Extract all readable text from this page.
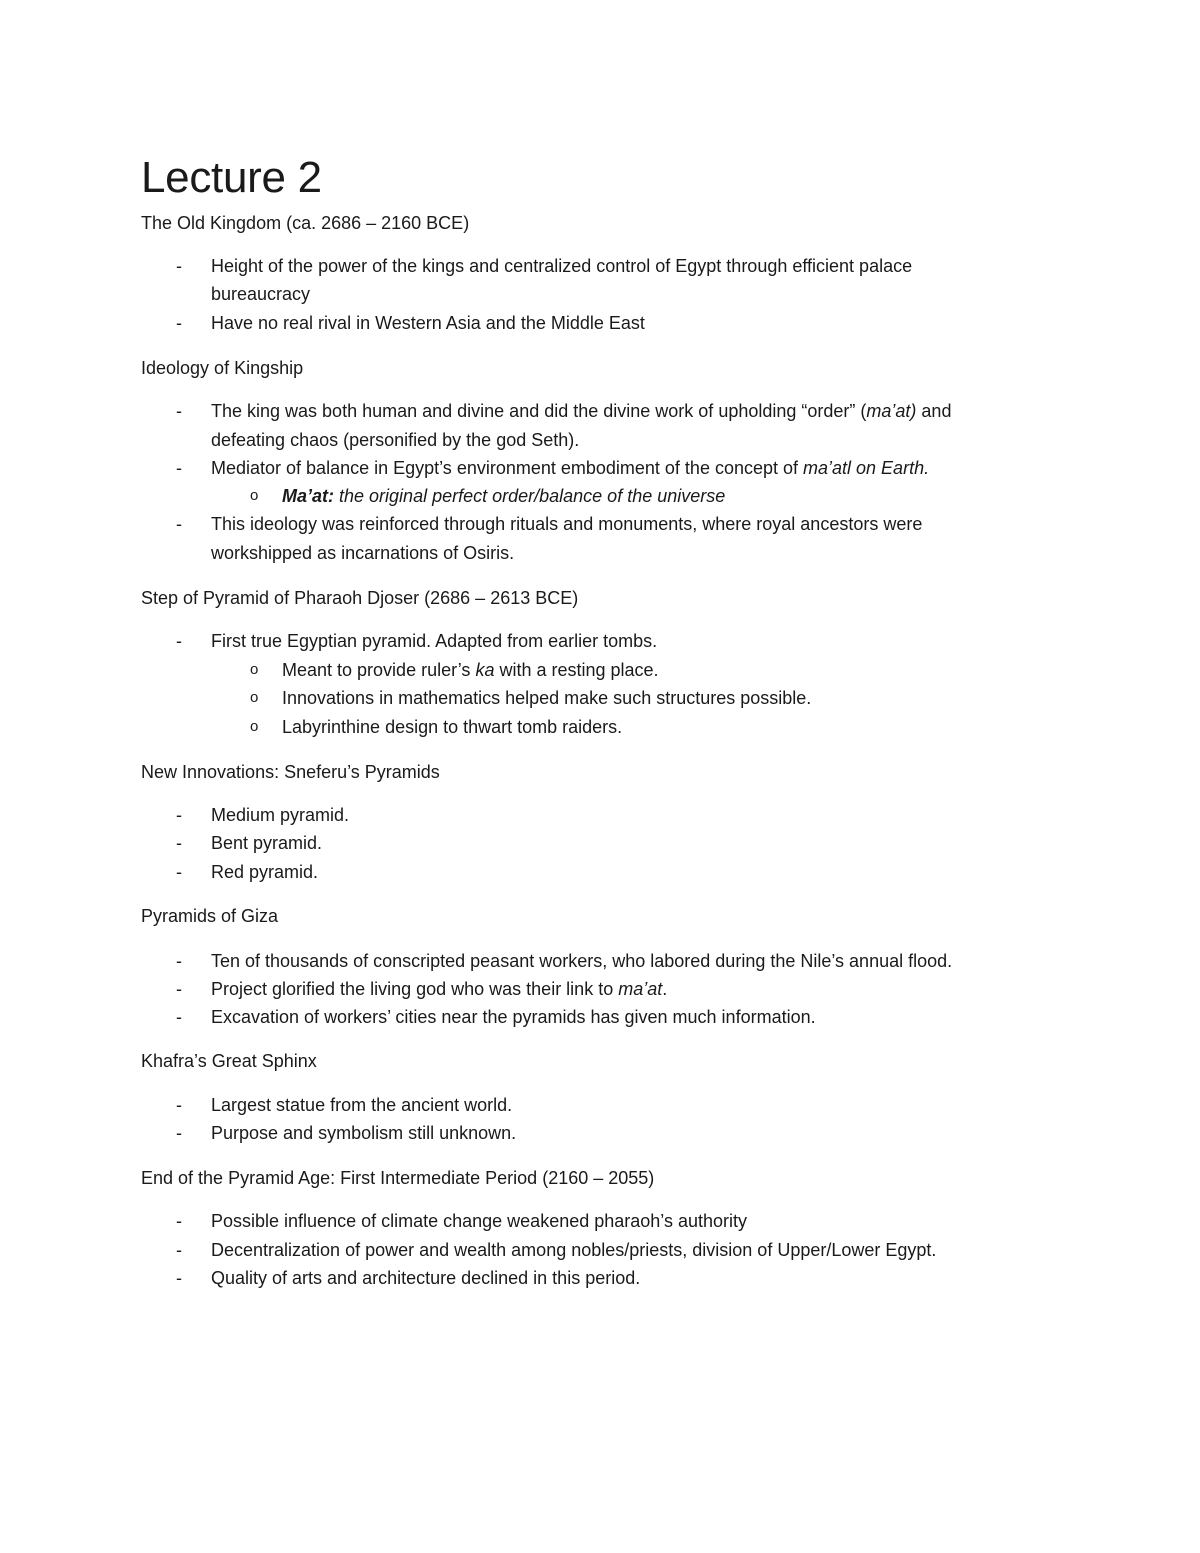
Lecture 2

The Old Kingdom (ca. 2686 – 2160 BCE)

- Height of the power of the kings and centralized control of Egypt through efficient palace

bureaucracy

- Have no real rival in Western Asia and the Middle East

Ideology of Kingship

- The king was both human and divine and did the divine work of upholding “order” (ma’at) and

defeating chaos (personified by the god Seth).

- Mediator of balance in Egypt’s environment embodiment of the concept of ma’atl on Earth.

o Ma’at: the original perfect order/balance of the universe

- This ideology was reinforced through rituals and monuments, where royal ancestors were

workshipped as incarnations of Osiris.

Step of Pyramid of Pharaoh Djoser (2686 – 2613 BCE)

- First true Egyptian pyramid. Adapted from earlier tombs.

o Meant to provide ruler’s ka with a resting place.

o Innovations in mathematics helped make such structures possible.

o Labyrinthine design to thwart tomb raiders.

New Innovations: Sneferu’s Pyramids

- Medium pyramid.

- Bent pyramid.

- Red pyramid.

Pyramids of Giza

- Ten of thousands of conscripted peasant workers, who labored during the Nile’s annual flood.

- Project glorified the living god who was their link to ma’at.

- Excavation of workers’ cities near the pyramids has given much information.

Khafra’s Great Sphinx

- Largest statue from the ancient world.

- Purpose and symbolism still unknown.

End of the Pyramid Age: First Intermediate Period (2160 – 2055)

- Possible influence of climate change weakened pharaoh’s authority

- Decentralization of power and wealth among nobles/priests, division of Upper/Lower Egypt.

- Quality of arts and architecture declined in this period.
